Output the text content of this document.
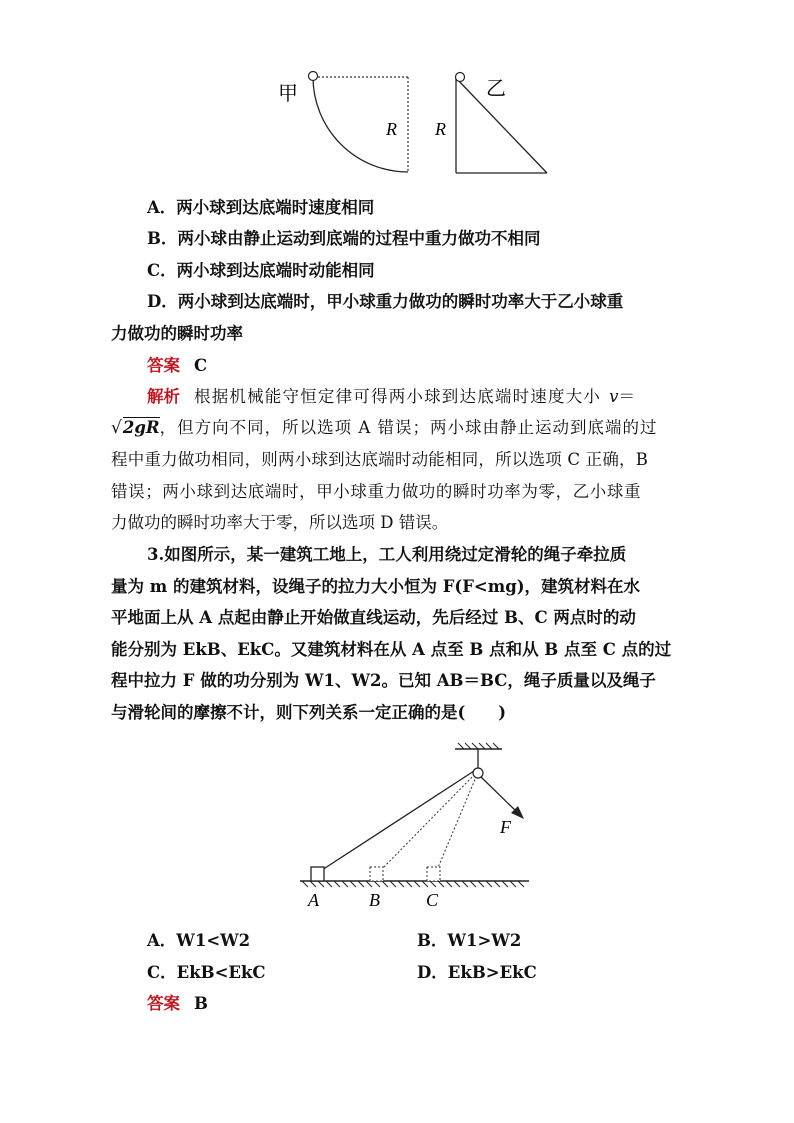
甲
R R
乙
A．两小球到达底端时速度相同
B．两小球由静止运动到底端的过程中重力做功不相同
C．两小球到达底端时动能相同
D．两小球到达底端时，甲小球重力做功的瞬时功率大于乙小球重
力做功的瞬时功率
答案 C
解析 根据机械能守恒定律可得两小球到达底端时速度大小 v＝
√2gR，但方向不同，所以选项 A 错误；两小球由静止运动到底端的过
程中重力做功相同，则两小球到达底端时动能相同，所以选项 C 正确，B
错误；两小球到达底端时，甲小球重力做功的瞬时功率为零，乙小球重
力做功的瞬时功率大于零，所以选项 D 错误。
3.如图所示，某一建筑工地上，工人利用绕过定滑轮的绳子牵拉质
量为 m 的建筑材料，设绳子的拉力大小恒为 F(F<mg)，建筑材料在水
平地面上从 A 点起由静止开始做直线运动，先后经过 B、C 两点时的动
能分别为 EkB、EkC。又建筑材料在从 A 点至 B 点和从 B 点至 C 点的过
程中拉力 F 做的功分别为 W1、W2。已知 AB＝BC，绳子质量以及绳子
与滑轮间的摩擦不计，则下列关系一定正确的是(　　)
F
A	B	C
A．W1<W2	B．W1>W2
C．EkB<EkC	D．EkB>EkC
答案 B
